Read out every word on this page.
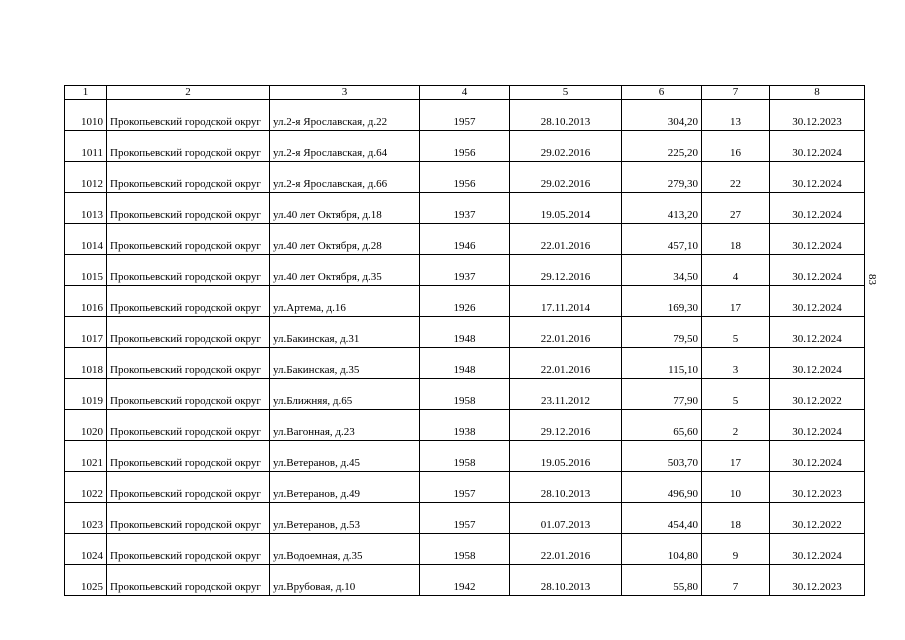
83
1	2	3	4	5	6	7	8
1010	Прокопьевский городской округ	ул.2-я Ярославская, д.22	1957	28.10.2013	304,20	13	30.12.2023
1011	Прокопьевский городской округ	ул.2-я Ярославская, д.64	1956	29.02.2016	225,20	16	30.12.2024
1012	Прокопьевский городской округ	ул.2-я Ярославская, д.66	1956	29.02.2016	279,30	22	30.12.2024
1013	Прокопьевский городской округ	ул.40 лет Октября, д.18	1937	19.05.2014	413,20	27	30.12.2024
1014	Прокопьевский городской округ	ул.40 лет Октября, д.28	1946	22.01.2016	457,10	18	30.12.2024
1015	Прокопьевский городской округ	ул.40 лет Октября, д.35	1937	29.12.2016	34,50	4	30.12.2024
1016	Прокопьевский городской округ	ул.Артема, д.16	1926	17.11.2014	169,30	17	30.12.2024
1017	Прокопьевский городской округ	ул.Бакинская, д.31	1948	22.01.2016	79,50	5	30.12.2024
1018	Прокопьевский городской округ	ул.Бакинская, д.35	1948	22.01.2016	115,10	3	30.12.2024
1019	Прокопьевский городской округ	ул.Ближняя, д.65	1958	23.11.2012	77,90	5	30.12.2022
1020	Прокопьевский городской округ	ул.Вагонная, д.23	1938	29.12.2016	65,60	2	30.12.2024
1021	Прокопьевский городской округ	ул.Ветеранов, д.45	1958	19.05.2016	503,70	17	30.12.2024
1022	Прокопьевский городской округ	ул.Ветеранов, д.49	1957	28.10.2013	496,90	10	30.12.2023
1023	Прокопьевский городской округ	ул.Ветеранов, д.53	1957	01.07.2013	454,40	18	30.12.2022
1024	Прокопьевский городской округ	ул.Водоемная, д.35	1958	22.01.2016	104,80	9	30.12.2024
1025	Прокопьевский городской округ	ул.Врубовая, д.10	1942	28.10.2013	55,80	7	30.12.2023
